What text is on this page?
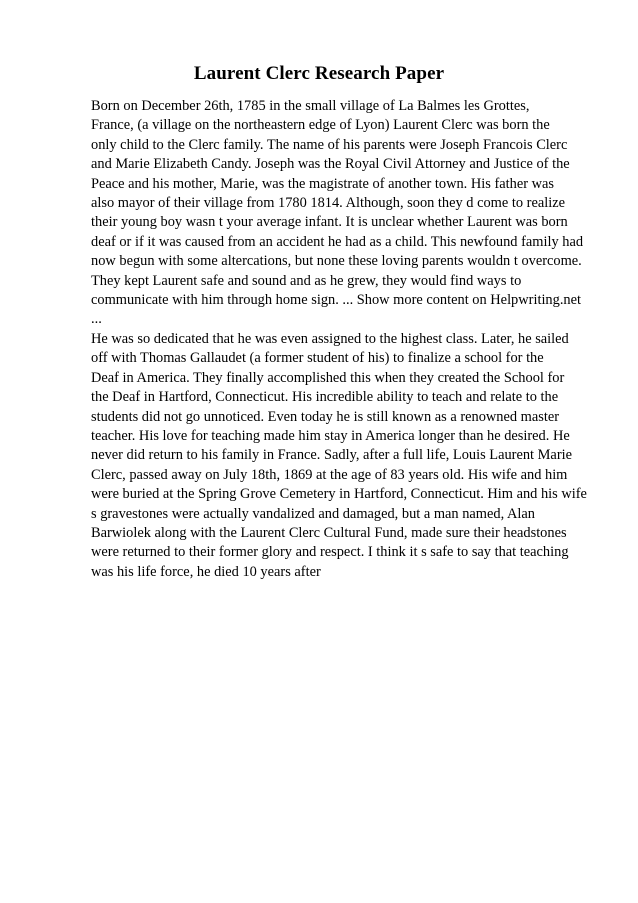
Laurent Clerc Research Paper
Born on December 26th, 1785 in the small village of La Balmes les Grottes,
France, (a village on the northeastern edge of Lyon) Laurent Clerc was born the
only child to the Clerc family. The name of his parents were Joseph Francois Clerc
and Marie Elizabeth Candy. Joseph was the Royal Civil Attorney and Justice of the
Peace and his mother, Marie, was the magistrate of another town. His father was
also mayor of their village from 1780 1814. Although, soon they d come to realize
their young boy wasn t your average infant. It is unclear whether Laurent was born
deaf or if it was caused from an accident he had as a child. This newfound family had
now begun with some altercations, but none these loving parents wouldn t overcome.
They kept Laurent safe and sound and as he grew, they would find ways to
communicate with him through home sign. ... Show more content on Helpwriting.net
...
He was so dedicated that he was even assigned to the highest class. Later, he sailed
off with Thomas Gallaudet (a former student of his) to finalize a school for the
Deaf in America. They finally accomplished this when they created the School for
the Deaf in Hartford, Connecticut. His incredible ability to teach and relate to the
students did not go unnoticed. Even today he is still known as a renowned master
teacher. His love for teaching made him stay in America longer than he desired. He
never did return to his family in France. Sadly, after a full life, Louis Laurent Marie
Clerc, passed away on July 18th, 1869 at the age of 83 years old. His wife and him
were buried at the Spring Grove Cemetery in Hartford, Connecticut. Him and his wife
s gravestones were actually vandalized and damaged, but a man named, Alan
Barwiolek along with the Laurent Clerc Cultural Fund, made sure their headstones
were returned to their former glory and respect. I think it s safe to say that teaching
was his life force, he died 10 years after
